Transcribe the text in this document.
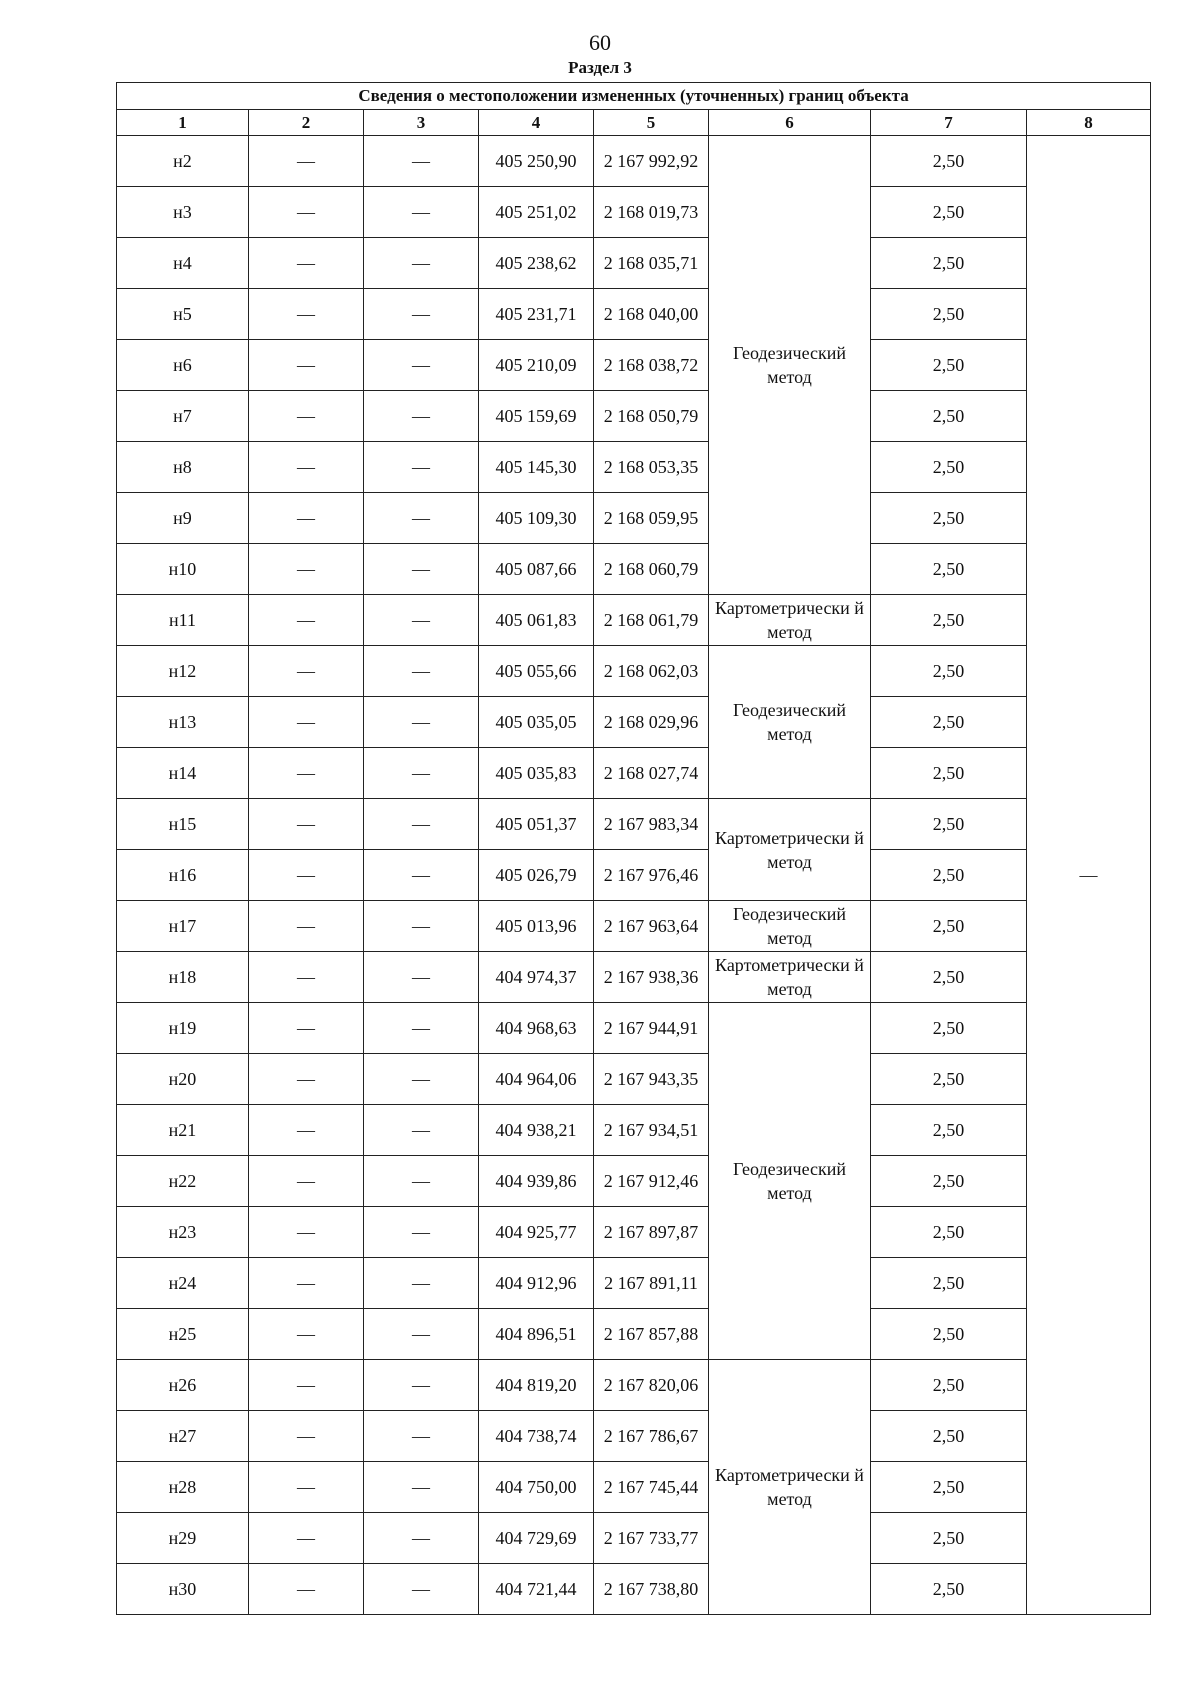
60
Раздел 3
Сведения о местоположении измененных (уточненных) границ объекта							
1	2	3	4	5	6	7	8
н2	—	—	405 250,90	2 167 992,92	Геодезический метод	2,50	—
н3	—	—	405 251,02	2 168 019,73		2,50	
н4	—	—	405 238,62	2 168 035,71		2,50	
н5	—	—	405 231,71	2 168 040,00		2,50	
н6	—	—	405 210,09	2 168 038,72		2,50	
н7	—	—	405 159,69	2 168 050,79		2,50	
н8	—	—	405 145,30	2 168 053,35		2,50	
н9	—	—	405 109,30	2 168 059,95		2,50	
н10	—	—	405 087,66	2 168 060,79		2,50	
н11	—	—	405 061,83	2 168 061,79	Картометрически й метод	2,50	
н12	—	—	405 055,66	2 168 062,03	Геодезический метод	2,50	
н13	—	—	405 035,05	2 168 029,96		2,50	
н14	—	—	405 035,83	2 168 027,74		2,50	
н15	—	—	405 051,37	2 167 983,34	Картометрически й метод	2,50	
н16	—	—	405 026,79	2 167 976,46		2,50	
н17	—	—	405 013,96	2 167 963,64	Геодезический метод	2,50	
н18	—	—	404 974,37	2 167 938,36	Картометрически й метод	2,50	
н19	—	—	404 968,63	2 167 944,91	Геодезический метод	2,50	
н20	—	—	404 964,06	2 167 943,35		2,50	
н21	—	—	404 938,21	2 167 934,51		2,50	
н22	—	—	404 939,86	2 167 912,46		2,50	
н23	—	—	404 925,77	2 167 897,87		2,50	
н24	—	—	404 912,96	2 167 891,11		2,50	
н25	—	—	404 896,51	2 167 857,88		2,50	
н26	—	—	404 819,20	2 167 820,06	Картометрически й метод	2,50	
н27	—	—	404 738,74	2 167 786,67		2,50	
н28	—	—	404 750,00	2 167 745,44		2,50	
н29	—	—	404 729,69	2 167 733,77		2,50	
н30	—	—	404 721,44	2 167 738,80		2,50	
